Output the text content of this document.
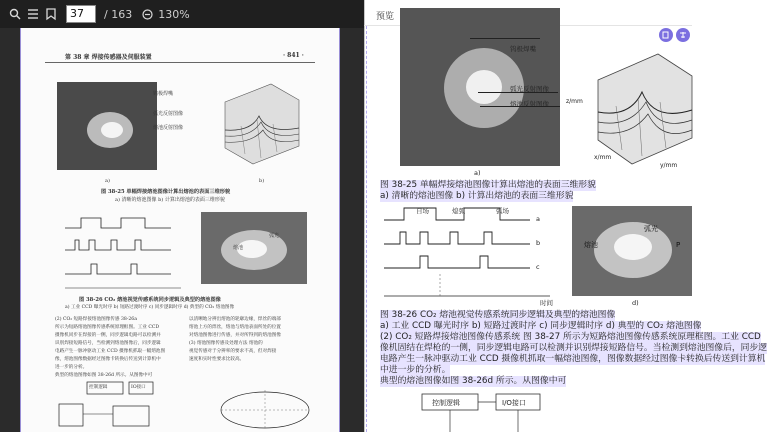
37	/ 163 130%
第 38 章 焊接传感器及伺服装置	· 841 ·
钨极焊嘴
弧光反射图像
熔池反射图像
a)	b)
图 38-25 单幅焊接熔池图像计算出熔池的表面三维形貌
a) 清晰的熔池图像 b) 计算出熔池的表面三维形貌
熔池
弧光
图 38-26 CO₂ 熔池视觉传感系统同步逻辑及典型的熔池图像
a) 工业 CCD 曝光时序 b) 短路过渡时序 c) 同步逻辑时序 d) 典型的 CO₂ 熔池图像
(2) CO₂ 短路焊接熔池图像传感 38-26a
所示为短路熔池图像传感系统原理框图。工业 CCD
摄像机同步在焊接的一侧，同步逻辑电路可以检测并
识别焊接短路信号，当检测到熔池图像后，同步逻辑
电路产生一脉冲驱动工业 CCD 摄像机抓取一幅熔池图
像，熔池图像数据经过图像卡转换后传送到计算机中
进一步的分析。
典型的熔池图像如图 38-26d 所示。从图像中可
以清晰地分辨出熔池的轮廓边缘，焊丝的端部
熔池上方的焊丝，熔池与熔池表面所处的位置
对熔池图像进行传感，并对所得到的熔池图像
(3) 熔池图像传感及处理方法 熔池的
视觉传感对于分辨率的要求不高，但对焊接
速度和实时性要求比较高。
控制逻辑	IO接口
预览
钨极焊嘴
弧光反射图像
熔池反射图像
a)
z/mm
x/mm
y/mm
图 38-25 单幅焊接熔池图像计算出熔池的表面三维形貌
a) 清晰的熔池图像 b) 计算出熔池的表面三维形貌
自场	熄弧	弧场
a
b
c
时间
熔池
弧光
P
d)
图 38-26 CO₂ 熔池视觉传感系统同步逻辑及典型的熔池图像
a) 工业 CCD 曝光时序 b) 短路过渡时序 c) 同步逻辑时序 d) 典型的 CO₂ 熔池图像
(2) CO₂ 短路焊接熔池图像传感系统 图 38-27 所示为短路熔池图像传感系统原理框图。工业 CCD
像机固结在焊枪的一侧，同步逻辑电路可以检测并识别焊接短路信号。当检测到熔池图像后，同步逻
电路产生一脉冲驱动工业 CCD 摄像机抓取一幅熔池图像，图像数据经过图像卡转换后传送到计算机
中进一步的分析。
典型的熔池图像如图 38-26d 所示。从图像中可
控制逻辑	I/O接口
